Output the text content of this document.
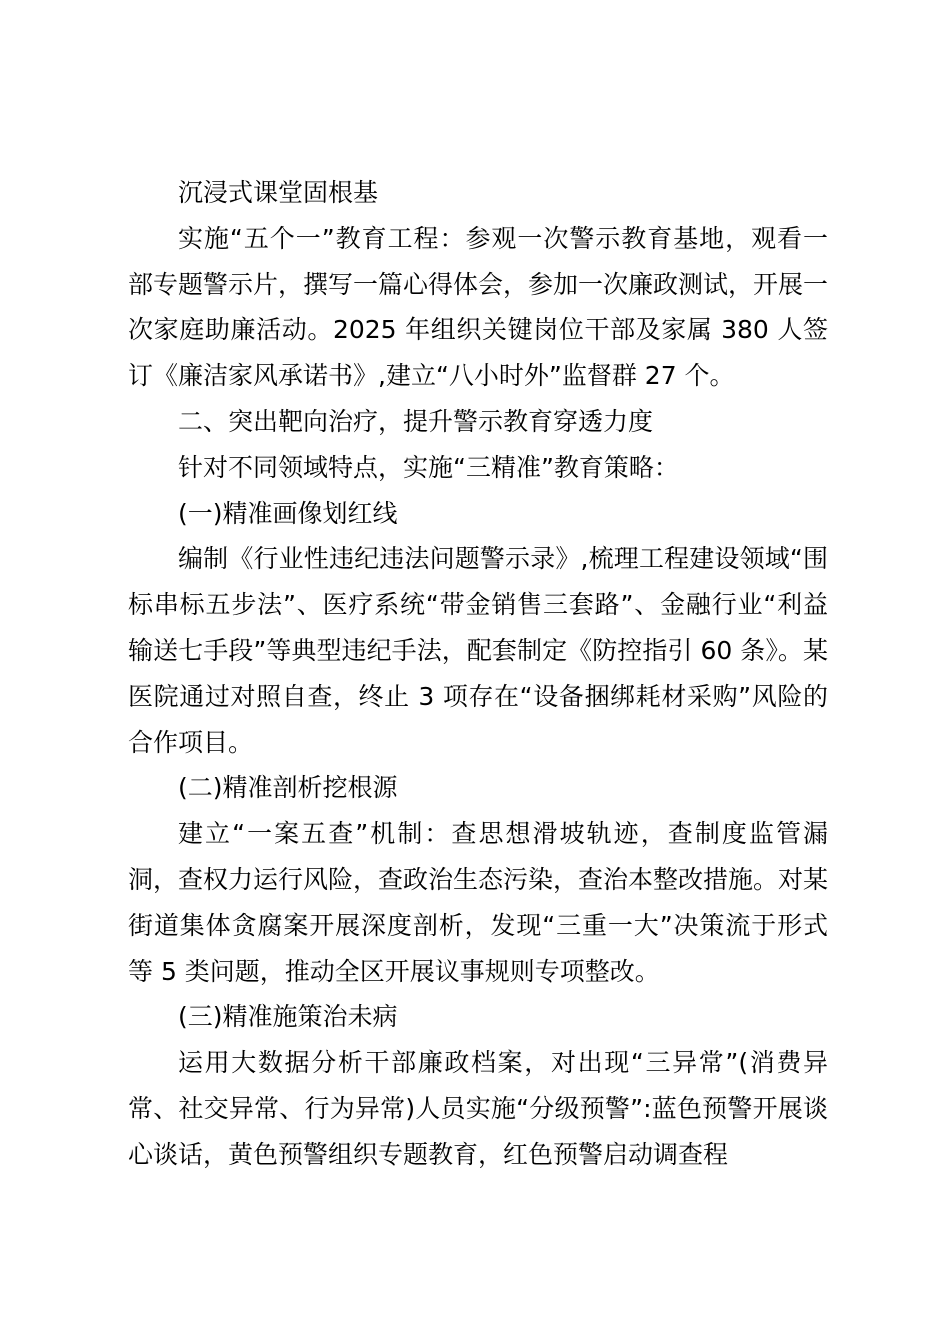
沉浸式课堂固根基

实施“五个一”教育工程：参观一次警示教育基地，观看一部专题警示片，撰写一篇心得体会，参加一次廉政测试，开展一次家庭助廉活动。2025 年组织关键岗位干部及家属 380 人签订《廉洁家风承诺书》,建立“八小时外”监督群 27 个。

二、突出靶向治疗，提升警示教育穿透力度

针对不同领域特点，实施“三精准”教育策略：

(一)精准画像划红线

编制《行业性违纪违法问题警示录》,梳理工程建设领域“围标串标五步法”、医疗系统“带金销售三套路”、金融行业“利益输送七手段”等典型违纪手法，配套制定《防控指引 60 条》。某医院通过对照自查，终止 3 项存在“设备捆绑耗材采购”风险的合作项目。

(二)精准剖析挖根源

建立“一案五查”机制：查思想滑坡轨迹，查制度监管漏洞，查权力运行风险，查政治生态污染，查治本整改措施。对某街道集体贪腐案开展深度剖析，发现“三重一大”决策流于形式等 5 类问题，推动全区开展议事规则专项整改。

(三)精准施策治未病

运用大数据分析干部廉政档案，对出现“三异常”(消费异常、社交异常、行为异常)人员实施“分级预警”:蓝色预警开展谈心谈话，黄色预警组织专题教育，红色预警启动调查程
